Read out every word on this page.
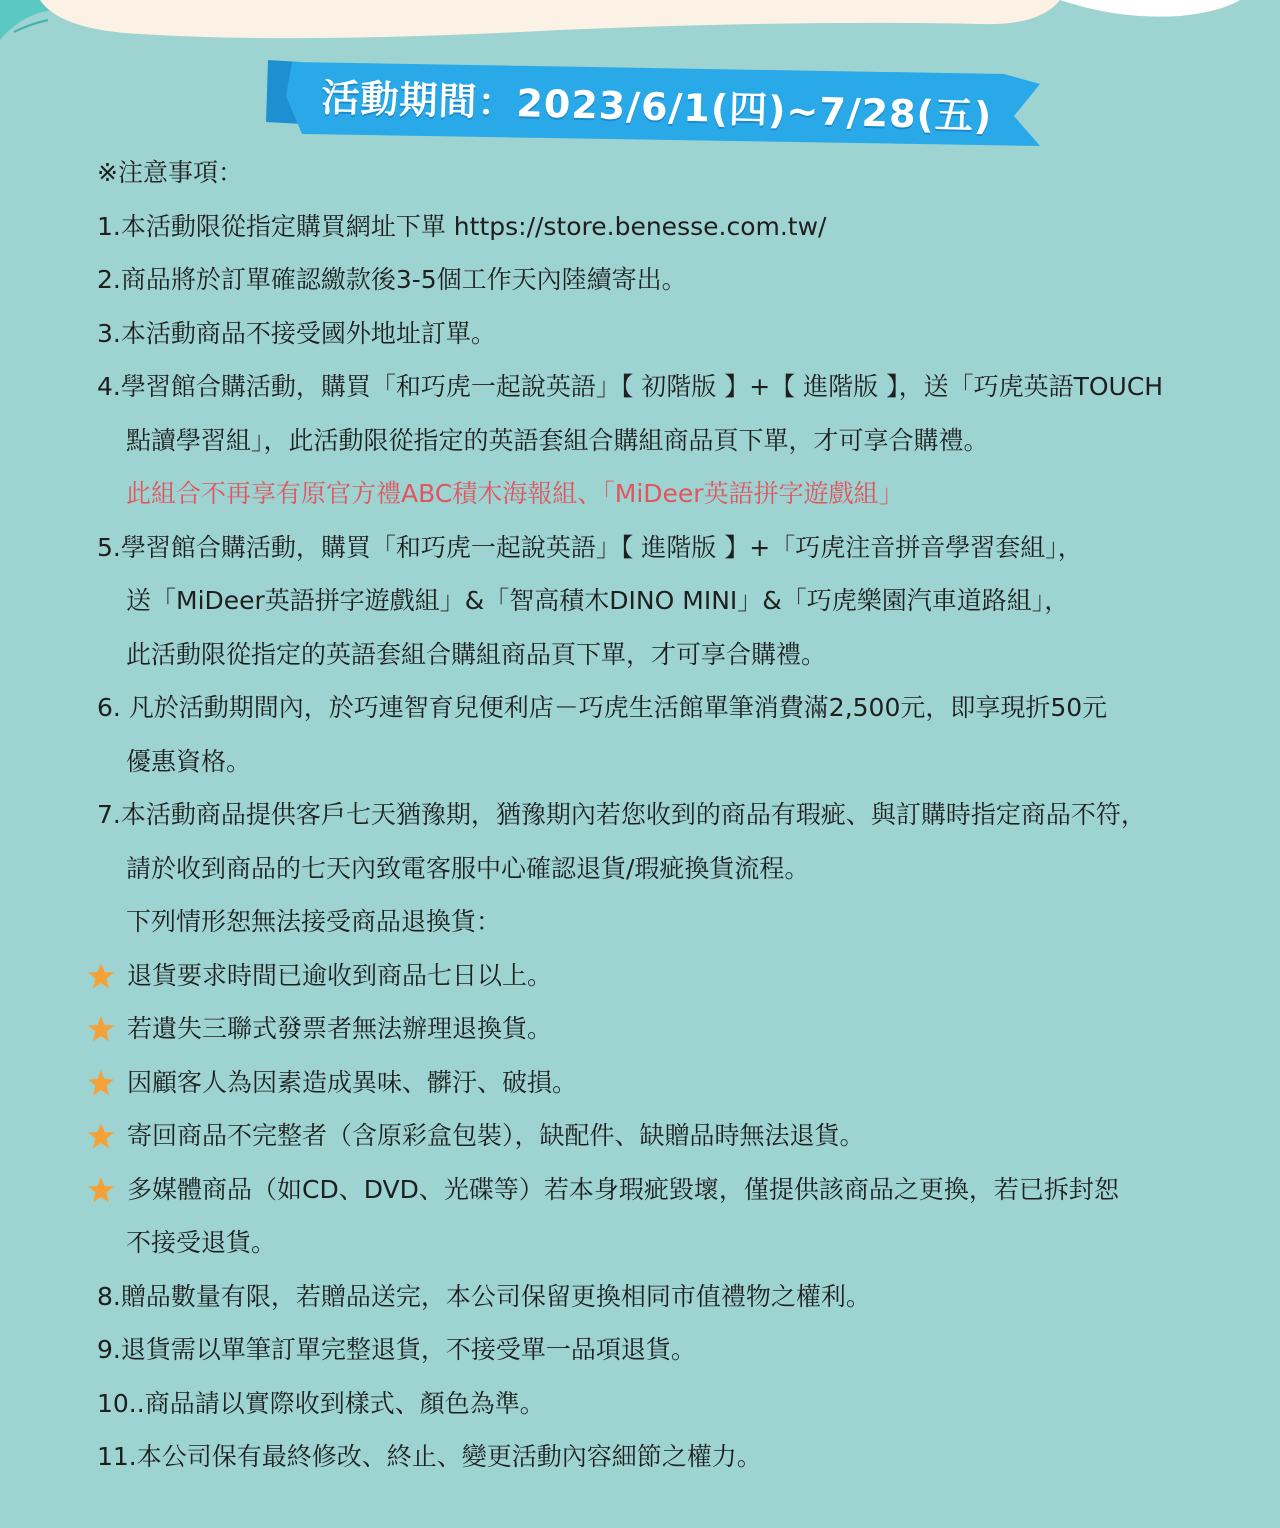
活動期間：2023/6/1(四)~7/28(五)
※注意事項：
1.本活動限從指定購買網址下單 https://store.benesse.com.tw/
2.商品將於訂單確認繳款後3-5個工作天內陸續寄出。
3.本活動商品不接受國外地址訂單。
4.學習館合購活動，購買「和巧虎一起說英語」【 初階版 】+【 進階版 】，送「巧虎英語TOUCH
點讀學習組」，此活動限從指定的英語套組合購組商品頁下單，才可享合購禮。
此組合不再享有原官方禮ABC積木海報組、「MiDeer英語拼字遊戲組」
5.學習館合購活動，購買「和巧虎一起說英語」【 進階版 】+「巧虎注音拼音學習套組」，
送「MiDeer英語拼字遊戲組」&「智高積木DINO MINI」&「巧虎樂園汽車道路組」，
此活動限從指定的英語套組合購組商品頁下單，才可享合購禮。
6. 凡於活動期間內，於巧連智育兒便利店－巧虎生活館單筆消費滿2,500元，即享現折50元
優惠資格。
7.本活動商品提供客戶七天猶豫期，猶豫期內若您收到的商品有瑕疵、與訂購時指定商品不符，
請於收到商品的七天內致電客服中心確認退貨/瑕疵換貨流程。
下列情形恕無法接受商品退換貨：
退貨要求時間已逾收到商品七日以上。
若遺失三聯式發票者無法辦理退換貨。
因顧客人為因素造成異味、髒汙、破損。
寄回商品不完整者（含原彩盒包裝），缺配件、缺贈品時無法退貨。
多媒體商品（如CD、DVD、光碟等）若本身瑕疵毀壞，僅提供該商品之更換，若已拆封恕
不接受退貨。
8.贈品數量有限，若贈品送完，本公司保留更換相同市值禮物之權利。
9.退貨需以單筆訂單完整退貨，不接受單一品項退貨。
10..商品請以實際收到樣式、顏色為準。
11.本公司保有最終修改、終止、變更活動內容細節之權力。
